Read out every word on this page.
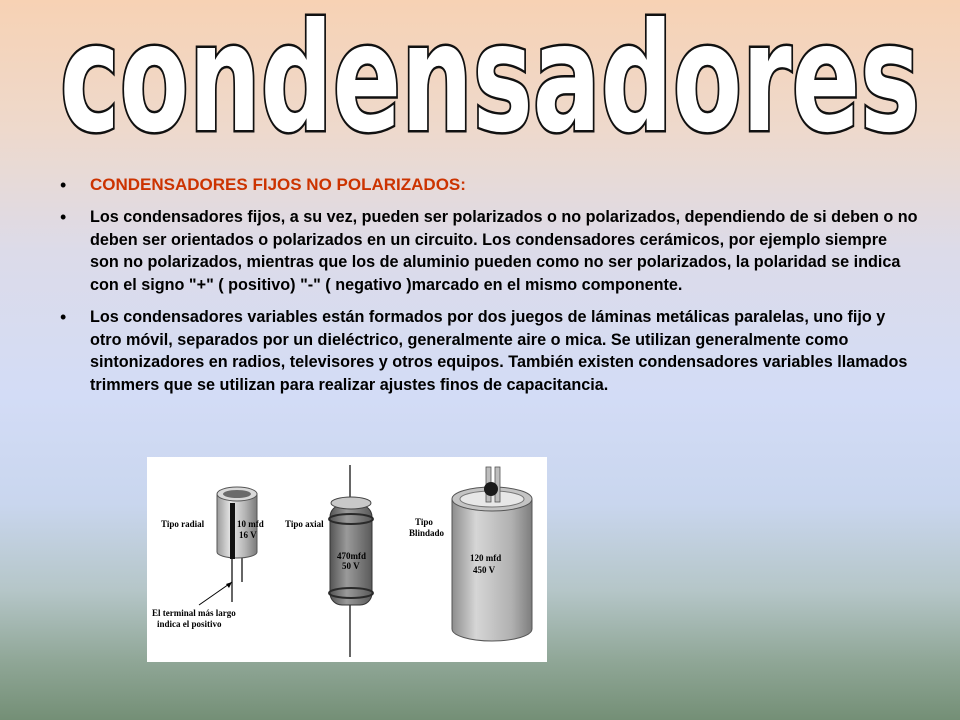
condensadores
•	CONDENSADORES FIJOS NO POLARIZADOS:
•	Los condensadores fijos, a su vez, pueden ser polarizados o no polarizados, dependiendo de si deben o no deben ser orientados o polarizados en un circuito. Los condensadores cerámicos, por ejemplo siempre son no polarizados, mientras que los de aluminio pueden como no ser polarizados, la polaridad se indica con el signo "+" ( positivo) "-" ( negativo )marcado en el mismo componente.
•	Los condensadores variables están formados por dos juegos de láminas metálicas paralelas, uno fijo y otro móvil, separados por un dieléctrico, generalmente aire o mica. Se utilizan generalmente como sintonizadores en radios, televisores y otros equipos. También existen condensadores variables llamados trimmers que se utilizan para realizar ajustes finos de capacitancia.
Tipo radial	10 mfd
16 V
Tipo axial
470mfd
50 V
Tipo
Blindado
120 mfd
450 V
El terminal más largo
indica el positivo
